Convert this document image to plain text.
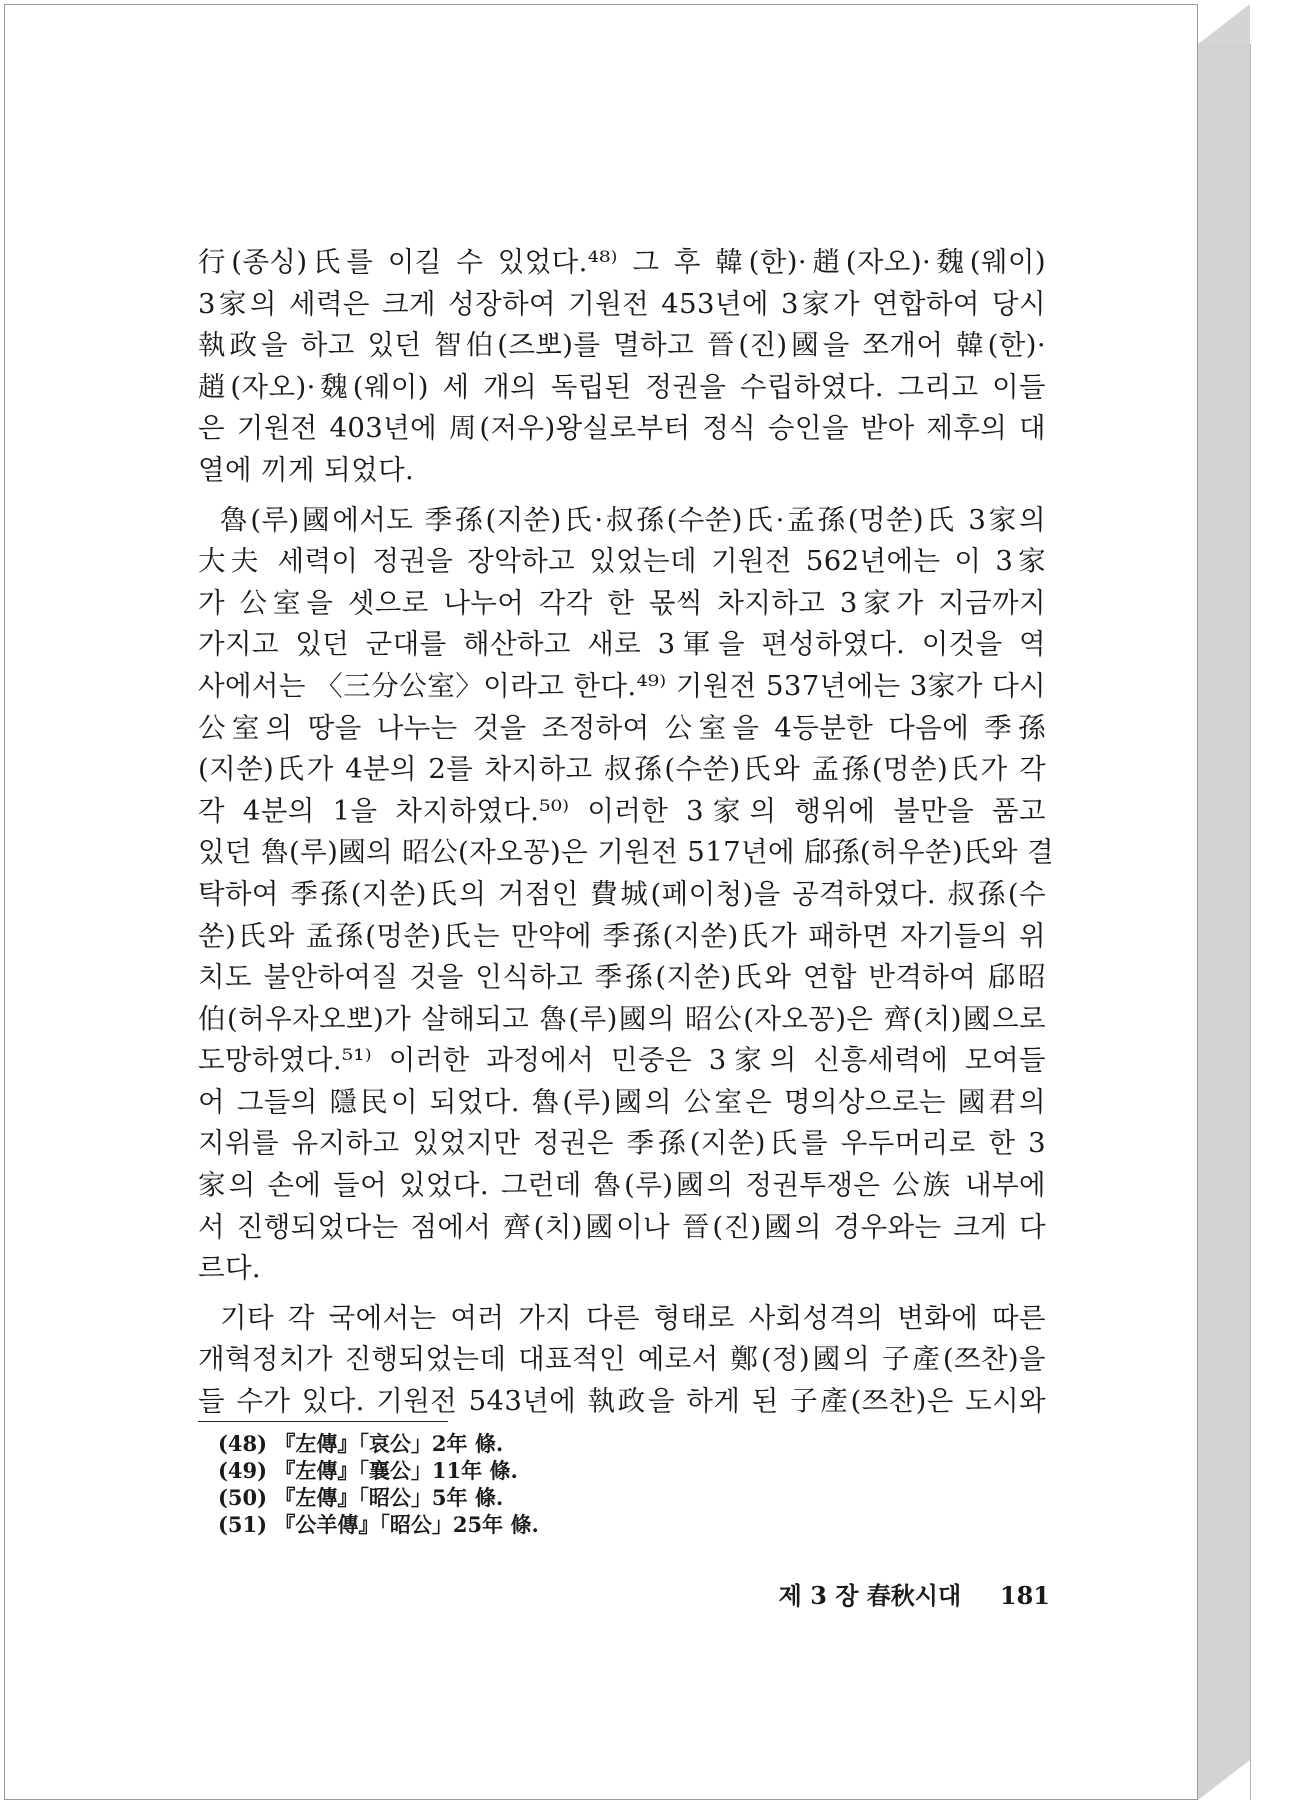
行(종싱)氏를 이길 수 있었다.⁴⁸⁾ 그 후 韓(한)·趙(자오)·魏(웨이)
3家의 세력은 크게 성장하여 기원전 453년에 3家가 연합하여 당시
執政을 하고 있던 智伯(즈뽀)를 멸하고 晉(진)國을 쪼개어 韓(한)·
趙(자오)·魏(웨이) 세 개의 독립된 정권을 수립하였다. 그리고 이들
은 기원전 403년에 周(저우)왕실로부터 정식 승인을 받아 제후의 대
열에 끼게 되었다.
魯(루)國에서도 季孫(지쑨)氏·叔孫(수쑨)氏·孟孫(멍쑨)氏 3家의
大夫 세력이 정권을 장악하고 있었는데 기원전 562년에는 이 3家
가 公室을 셋으로 나누어 각각 한 몫씩 차지하고 3家가 지금까지
가지고 있던 군대를 해산하고 새로 3軍을 편성하였다. 이것을 역
사에서는 〈三分公室〉이라고 한다.⁴⁹⁾ 기원전 537년에는 3家가 다시
公室의 땅을 나누는 것을 조정하여 公室을 4등분한 다음에 季孫
(지쑨)氏가 4분의 2를 차지하고 叔孫(수쑨)氏와 孟孫(멍쑨)氏가 각
각 4분의 1을 차지하였다.⁵⁰⁾ 이러한 3家의 행위에 불만을 품고
있던 魯(루)國의 昭公(자오꽁)은 기원전 517년에 郈孫(허우쑨)氏와 결
탁하여 季孫(지쑨)氏의 거점인 費城(페이청)을 공격하였다. 叔孫(수
쑨)氏와 孟孫(멍쑨)氏는 만약에 季孫(지쑨)氏가 패하면 자기들의 위
치도 불안하여질 것을 인식하고 季孫(지쑨)氏와 연합 반격하여 郈昭
伯(허우자오뽀)가 살해되고 魯(루)國의 昭公(자오꽁)은 齊(치)國으로
도망하였다.⁵¹⁾ 이러한 과정에서 민중은 3家의 신흥세력에 모여들
어 그들의 隱民이 되었다. 魯(루)國의 公室은 명의상으로는 國君의
지위를 유지하고 있었지만 정권은 季孫(지쑨)氏를 우두머리로 한 3
家의 손에 들어 있었다. 그런데 魯(루)國의 정권투쟁은 公族 내부에
서 진행되었다는 점에서 齊(치)國이나 晉(진)國의 경우와는 크게 다
르다.
기타 각 국에서는 여러 가지 다른 형태로 사회성격의 변화에 따른
개혁정치가 진행되었는데 대표적인 예로서 鄭(정)國의 子產(쯔찬)을
들 수가 있다. 기원전 543년에 執政을 하게 된 子產(쯔찬)은 도시와
(48) 『左傳』「哀公」2年 條.
(49) 『左傳』「襄公」11年 條.
(50) 『左傳』「昭公」5年 條.
(51) 『公羊傳』「昭公」25年 條.
제 3 장 春秋시대 181
